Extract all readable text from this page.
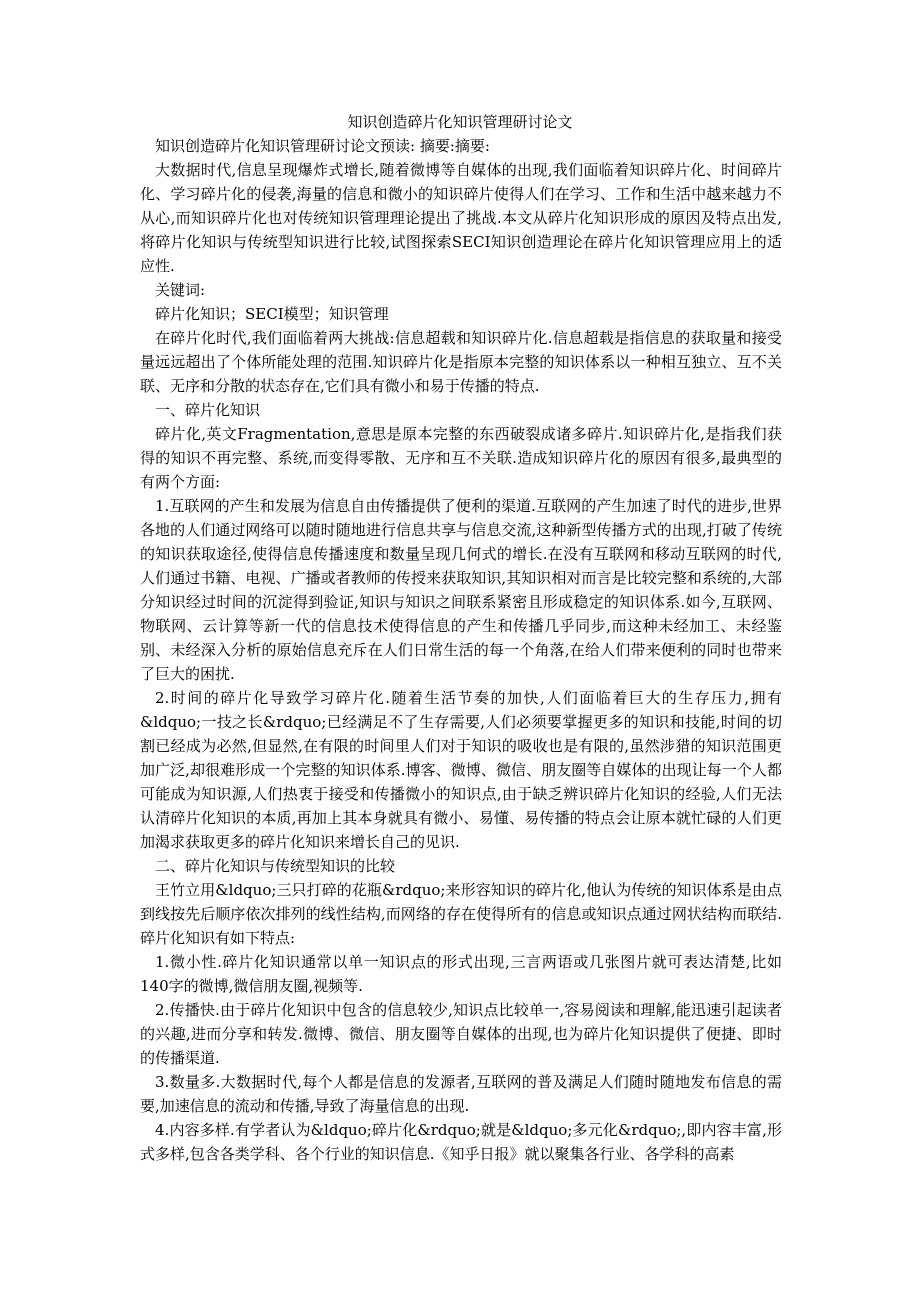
知识创造碎片化知识管理研讨论文

知识创造碎片化知识管理研讨论文预读: 摘要:摘要:

大数据时代,信息呈现爆炸式增长,随着微博等自媒体的出现,我们面临着知识碎片化、时间碎片化、学习碎片化的侵袭,海量的信息和微小的知识碎片使得人们在学习、工作和生活中越来越力不从心,而知识碎片化也对传统知识管理理论提出了挑战.本文从碎片化知识形成的原因及特点出发,将碎片化知识与传统型知识进行比较,试图探索SECI知识创造理论在碎片化知识管理应用上的适应性.

关键词:

碎片化知识；SECI模型；知识管理

在碎片化时代,我们面临着两大挑战:信息超载和知识碎片化.信息超载是指信息的获取量和接受量远远超出了个体所能处理的范围.知识碎片化是指原本完整的知识体系以一种相互独立、互不关联、无序和分散的状态存在,它们具有微小和易于传播的特点.

一、碎片化知识

碎片化,英文Fragmentation,意思是原本完整的东西破裂成诸多碎片.知识碎片化,是指我们获得的知识不再完整、系统,而变得零散、无序和互不关联.造成知识碎片化的原因有很多,最典型的有两个方面:

1.互联网的产生和发展为信息自由传播提供了便利的渠道.互联网的产生加速了时代的进步,世界各地的人们通过网络可以随时随地进行信息共享与信息交流,这种新型传播方式的出现,打破了传统的知识获取途径,使得信息传播速度和数量呈现几何式的增长.在没有互联网和移动互联网的时代,人们通过书籍、电视、广播或者教师的传授来获取知识,其知识相对而言是比较完整和系统的,大部分知识经过时间的沉淀得到验证,知识与知识之间联系紧密且形成稳定的知识体系.如今,互联网、物联网、云计算等新一代的信息技术使得信息的产生和传播几乎同步,而这种未经加工、未经鉴别、未经深入分析的原始信息充斥在人们日常生活的每一个角落,在给人们带来便利的同时也带来了巨大的困扰.

2.时间的碎片化导致学习碎片化.随着生活节奏的加快,人们面临着巨大的生存压力,拥有&ldquo;一技之长&rdquo;已经满足不了生存需要,人们必须要掌握更多的知识和技能,时间的切割已经成为必然,但显然,在有限的时间里人们对于知识的吸收也是有限的,虽然涉猎的知识范围更加广泛,却很难形成一个完整的知识体系.博客、微博、微信、朋友圈等自媒体的出现让每一个人都可能成为知识源,人们热衷于接受和传播微小的知识点,由于缺乏辨识碎片化知识的经验,人们无法认清碎片化知识的本质,再加上其本身就具有微小、易懂、易传播的特点会让原本就忙碌的人们更加渴求获取更多的碎片化知识来增长自己的见识.

二、碎片化知识与传统型知识的比较

王竹立用&ldquo;三只打碎的花瓶&rdquo;来形容知识的碎片化,他认为传统的知识体系是由点到线按先后顺序依次排列的线性结构,而网络的存在使得所有的信息或知识点通过网状结构而联结.碎片化知识有如下特点:

1.微小性.碎片化知识通常以单一知识点的形式出现,三言两语或几张图片就可表达清楚,比如140字的微博,微信朋友圈,视频等.

2.传播快.由于碎片化知识中包含的信息较少,知识点比较单一,容易阅读和理解,能迅速引起读者的兴趣,进而分享和转发.微博、微信、朋友圈等自媒体的出现,也为碎片化知识提供了便捷、即时的传播渠道.

3.数量多.大数据时代,每个人都是信息的发源者,互联网的普及满足人们随时随地发布信息的需要,加速信息的流动和传播,导致了海量信息的出现.

4.内容多样.有学者认为&ldquo;碎片化&rdquo;就是&ldquo;多元化&rdquo;,即内容丰富,形式多样,包含各类学科、各个行业的知识信息.《知乎日报》就以聚集各行业、各学科的高素
